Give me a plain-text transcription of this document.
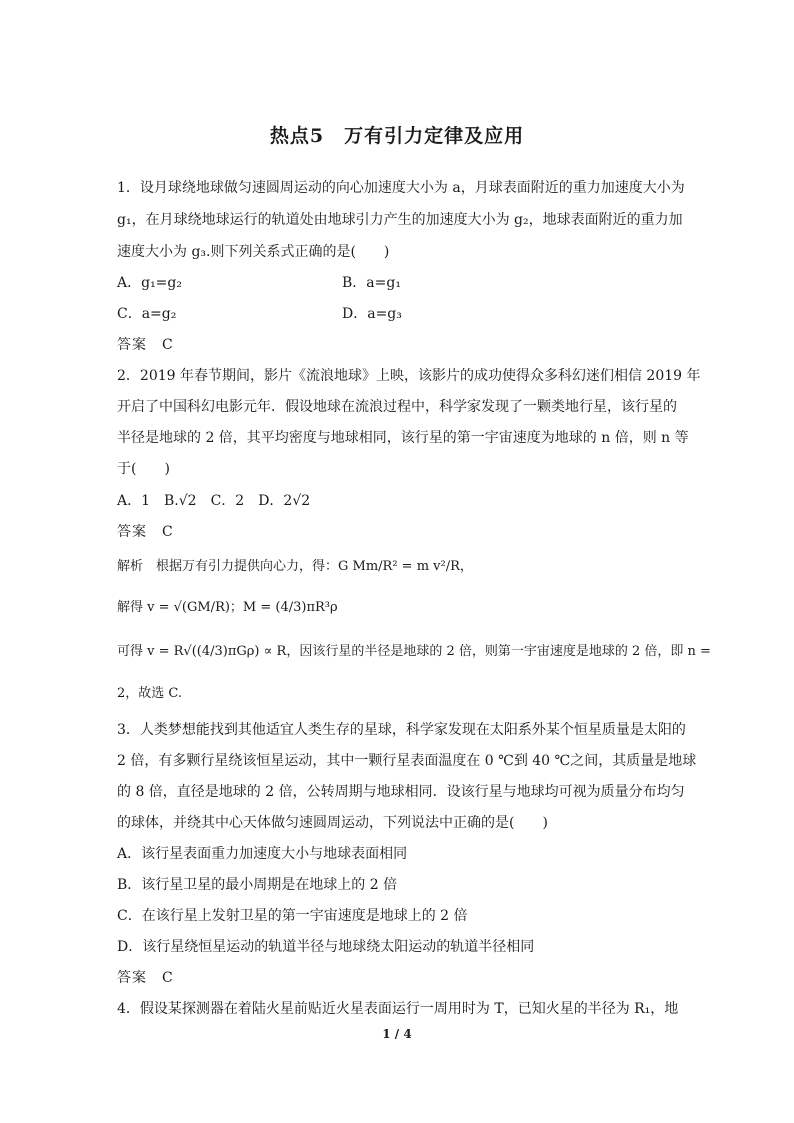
热点5　万有引力定律及应用
1．设月球绕地球做匀速圆周运动的向心加速度大小为 a，月球表面附近的重力加速度大小为
g₁，在月球绕地球运行的轨道处由地球引力产生的加速度大小为 g₂，地球表面附近的重力加
速度大小为 g₃.则下列关系式正确的是(　　)
A．g₁=g₂	B．a=g₁
C．a=g₂	D．a=g₃
答案　C
2．2019 年春节期间，影片《流浪地球》上映，该影片的成功使得众多科幻迷们相信 2019 年
开启了中国科幻电影元年．假设地球在流浪过程中，科学家发现了一颗类地行星，该行星的
半径是地球的 2 倍，其平均密度与地球相同，该行星的第一宇宙速度为地球的 n 倍，则 n 等
于(　　)
A．1　B.√2　C．2　D．2√2
答案　C
解析　根据万有引力提供向心力，得：G Mm/R² = m v²/R，
解得 v = √(GM/R)；M = (4/3)πR³ρ
可得 v = R√((4/3)πGρ) ∝ R，因该行星的半径是地球的 2 倍，则第一宇宙速度是地球的 2 倍，即 n =
2，故选 C.
3．人类梦想能找到其他适宜人类生存的星球，科学家发现在太阳系外某个恒星质量是太阳的
2 倍，有多颗行星绕该恒星运动，其中一颗行星表面温度在 0 ℃到 40 ℃之间，其质量是地球
的 8 倍，直径是地球的 2 倍，公转周期与地球相同．设该行星与地球均可视为质量分布均匀
的球体，并绕其中心天体做匀速圆周运动，下列说法中正确的是(　　)
A．该行星表面重力加速度大小与地球表面相同
B．该行星卫星的最小周期是在地球上的 2 倍
C．在该行星上发射卫星的第一宇宙速度是地球上的 2 倍
D．该行星绕恒星运动的轨道半径与地球绕太阳运动的轨道半径相同
答案　C
4．假设某探测器在着陆火星前贴近火星表面运行一周用时为 T，已知火星的半径为 R₁，地
1 / 4
